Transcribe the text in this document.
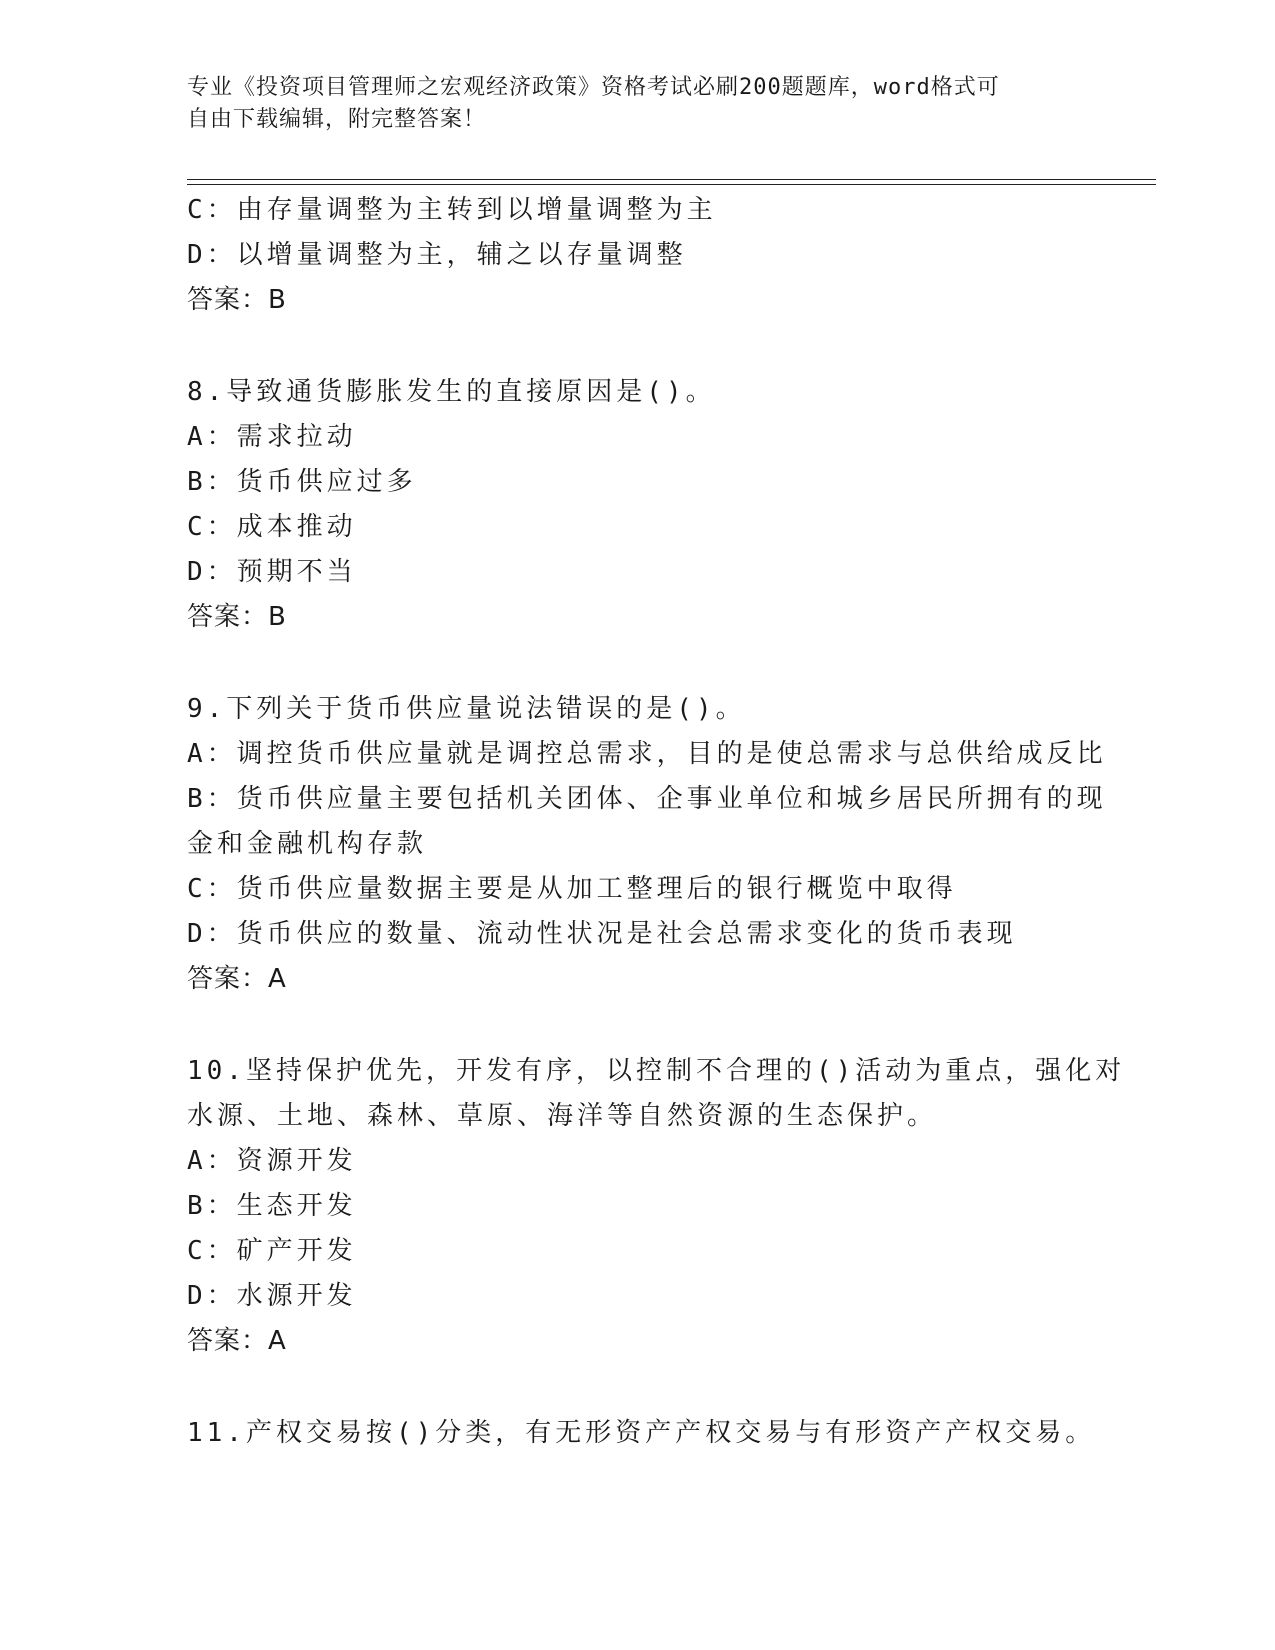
专业《投资项目管理师之宏观经济政策》资格考试必刷200题题库，word格式可
自由下载编辑，附完整答案！
C：由存量调整为主转到以增量调整为主
D：以增量调整为主，辅之以存量调整
答案：B
8.导致通货膨胀发生的直接原因是()。
A：需求拉动
B：货币供应过多
C：成本推动
D：预期不当
答案：B
9.下列关于货币供应量说法错误的是()。
A：调控货币供应量就是调控总需求，目的是使总需求与总供给成反比
B：货币供应量主要包括机关团体、企事业单位和城乡居民所拥有的现
金和金融机构存款
C：货币供应量数据主要是从加工整理后的银行概览中取得
D：货币供应的数量、流动性状况是社会总需求变化的货币表现
答案：A
10.坚持保护优先，开发有序，以控制不合理的()活动为重点，强化对
水源、土地、森林、草原、海洋等自然资源的生态保护。
A：资源开发
B：生态开发
C：矿产开发
D：水源开发
答案：A
11.产权交易按()分类，有无形资产产权交易与有形资产产权交易。
